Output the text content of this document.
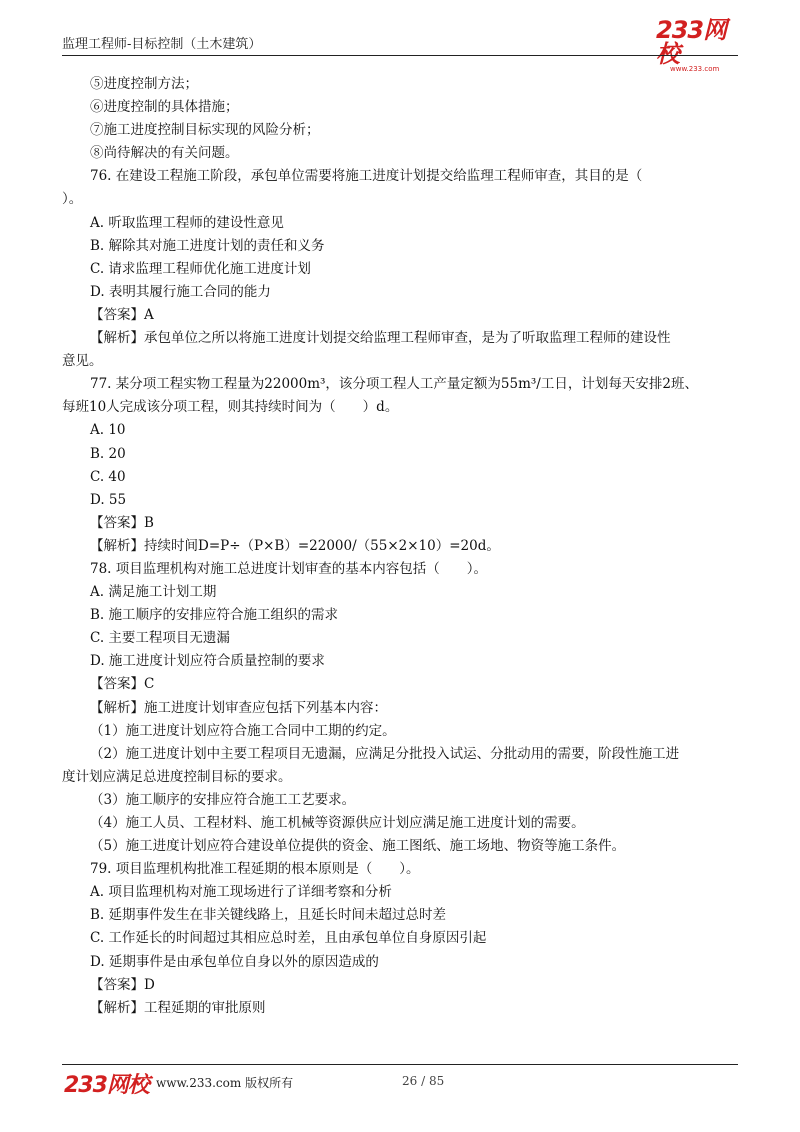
监理工程师-目标控制（土木建筑）
233网校
www.233.com
⑤进度控制方法；
⑥进度控制的具体措施；
⑦施工进度控制目标实现的风险分析；
⑧尚待解决的有关问题。
76. 在建设工程施工阶段，承包单位需要将施工进度计划提交给监理工程师审查，其目的是（
）。
A. 听取监理工程师的建设性意见
B. 解除其对施工进度计划的责任和义务
C. 请求监理工程师优化施工进度计划
D. 表明其履行施工合同的能力
【答案】A
【解析】承包单位之所以将施工进度计划提交给监理工程师审查，是为了听取监理工程师的建设性
意见。
77. 某分项工程实物工程量为22000m³，该分项工程人工产量定额为55m³/工日，计划每天安排2班、
每班10人完成该分项工程，则其持续时间为（　　）d。
A. 10
B. 20
C. 40
D. 55
【答案】B
【解析】持续时间D=P÷（P×B）=22000/（55×2×10）=20d。
78. 项目监理机构对施工总进度计划审查的基本内容包括（　　）。
A. 满足施工计划工期
B. 施工顺序的安排应符合施工组织的需求
C. 主要工程项目无遗漏
D. 施工进度计划应符合质量控制的要求
【答案】C
【解析】施工进度计划审查应包括下列基本内容：
（1）施工进度计划应符合施工合同中工期的约定。
（2）施工进度计划中主要工程项目无遗漏，应满足分批投入试运、分批动用的需要，阶段性施工进
度计划应满足总进度控制目标的要求。
（3）施工顺序的安排应符合施工工艺要求。
（4）施工人员、工程材料、施工机械等资源供应计划应满足施工进度计划的需要。
（5）施工进度计划应符合建设单位提供的资金、施工图纸、施工场地、物资等施工条件。
79. 项目监理机构批准工程延期的根本原则是（　　）。
A. 项目监理机构对施工现场进行了详细考察和分析
B. 延期事件发生在非关键线路上，且延长时间未超过总时差
C. 工作延长的时间超过其相应总时差，且由承包单位自身原因引起
D. 延期事件是由承包单位自身以外的原因造成的
【答案】D
【解析】工程延期的审批原则
233网校 www.233.com 版权所有	26 / 85
